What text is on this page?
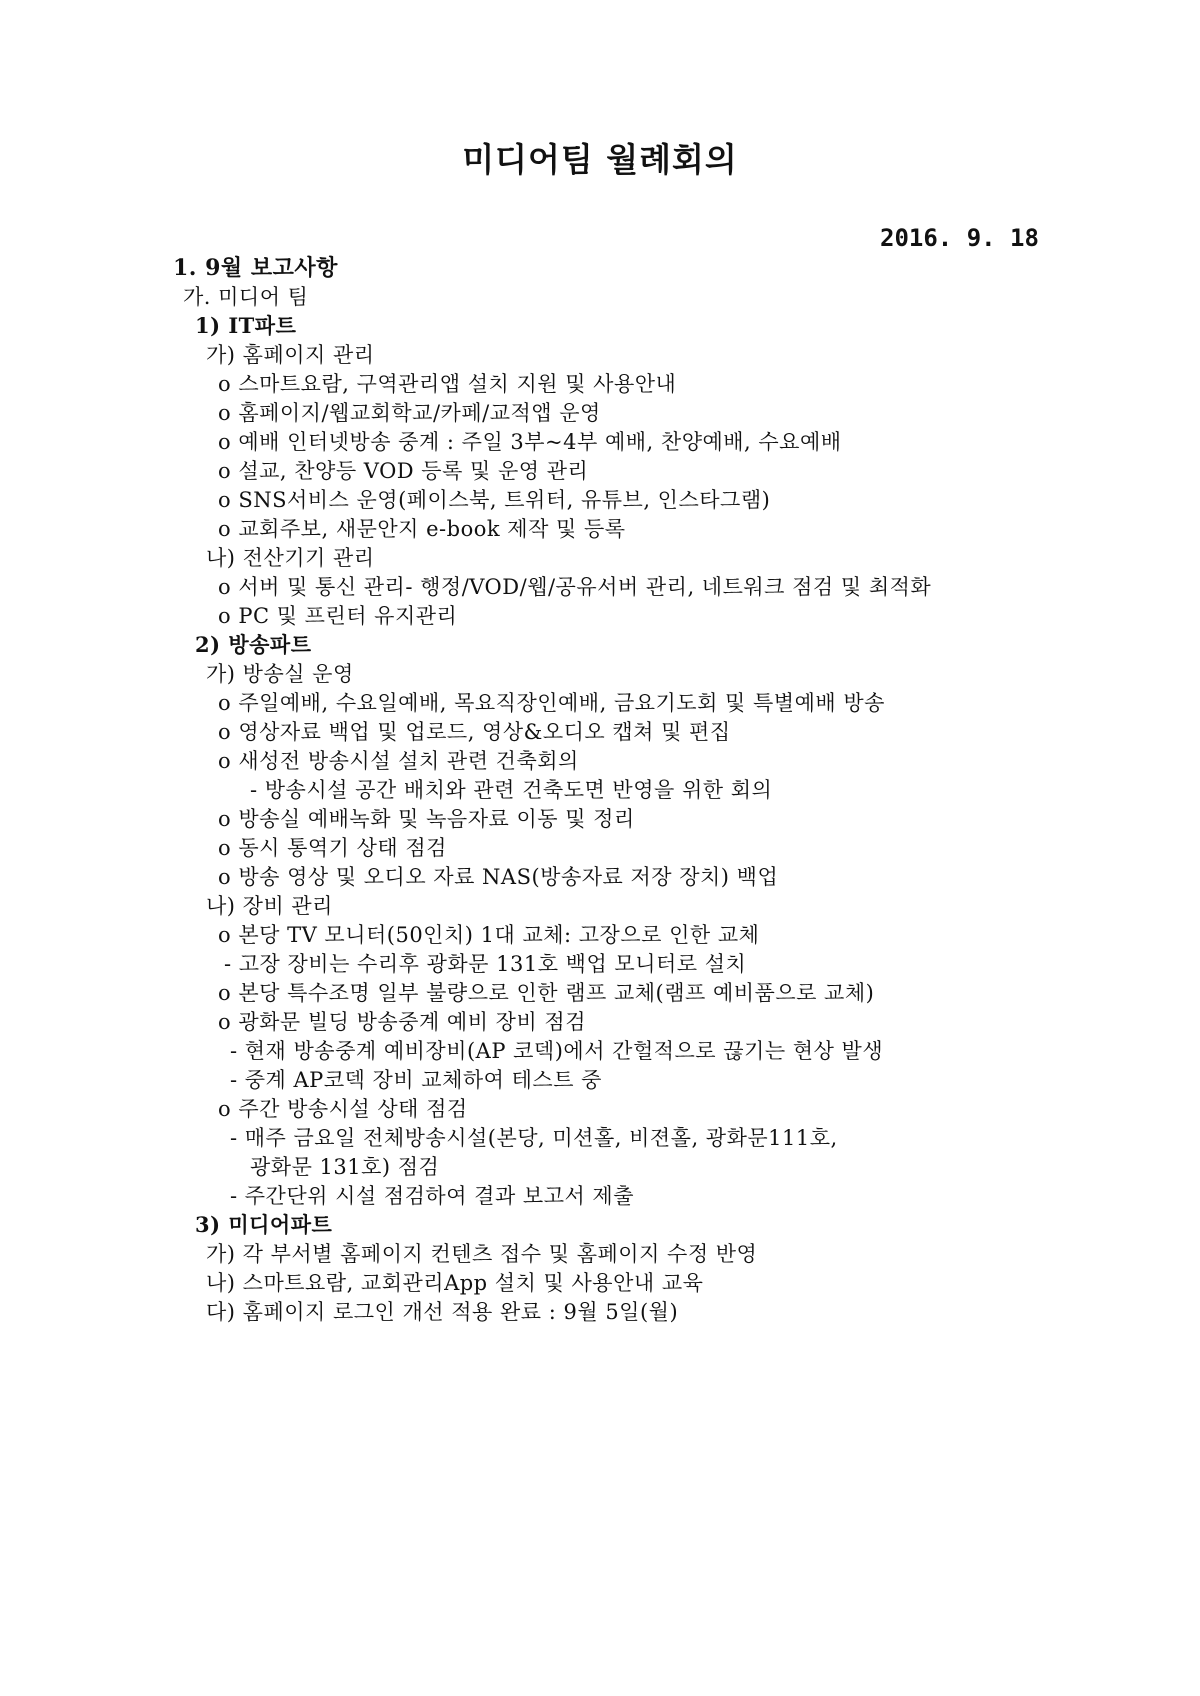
미디어팀 월례회의
2016. 9. 18
1. 9월 보고사항
가. 미디어 팀
1) IT파트
가) 홈페이지 관리
o 스마트요람, 구역관리앱 설치 지원 및 사용안내
o 홈페이지/웹교회학교/카페/교적앱 운영
o 예배 인터넷방송 중계 : 주일 3부~4부 예배, 찬양예배, 수요예배
o 설교, 찬양등 VOD 등록 및 운영 관리
o SNS서비스 운영(페이스북, 트위터, 유튜브, 인스타그램)
o 교회주보, 새문안지 e-book 제작 및 등록
나) 전산기기 관리
o 서버 및 통신 관리- 행정/VOD/웹/공유서버 관리, 네트워크 점검 및 최적화
o PC 및 프린터 유지관리
2) 방송파트
가) 방송실 운영
o 주일예배, 수요일예배, 목요직장인예배, 금요기도회 및 특별예배 방송
o 영상자료 백업 및 업로드, 영상&오디오 캡쳐 및 편집
o 새성전 방송시설 설치 관련 건축회의
- 방송시설 공간 배치와 관련 건축도면 반영을 위한 회의
o 방송실 예배녹화 및 녹음자료 이동 및 정리
o 동시 통역기 상태 점검
o 방송 영상 및 오디오 자료 NAS(방송자료 저장 장치) 백업
나) 장비 관리
o 본당 TV 모니터(50인치) 1대 교체: 고장으로 인한 교체
- 고장 장비는 수리후 광화문 131호 백업 모니터로 설치
o 본당 특수조명 일부 불량으로 인한 램프 교체(램프 예비품으로 교체)
o 광화문 빌딩 방송중계 예비 장비 점검
- 현재 방송중계 예비장비(AP 코덱)에서 간헐적으로 끊기는 현상 발생
- 중계 AP코덱 장비 교체하여 테스트 중
o 주간 방송시설 상태 점검
- 매주 금요일 전체방송시설(본당, 미션홀, 비젼홀, 광화문111호,
광화문 131호) 점검
- 주간단위 시설 점검하여 결과 보고서 제출
3) 미디어파트
가) 각 부서별 홈페이지 컨텐츠 접수 및 홈페이지 수정 반영
나) 스마트요람, 교회관리App 설치 및 사용안내 교육
다) 홈페이지 로그인 개선 적용 완료 : 9월 5일(월)
